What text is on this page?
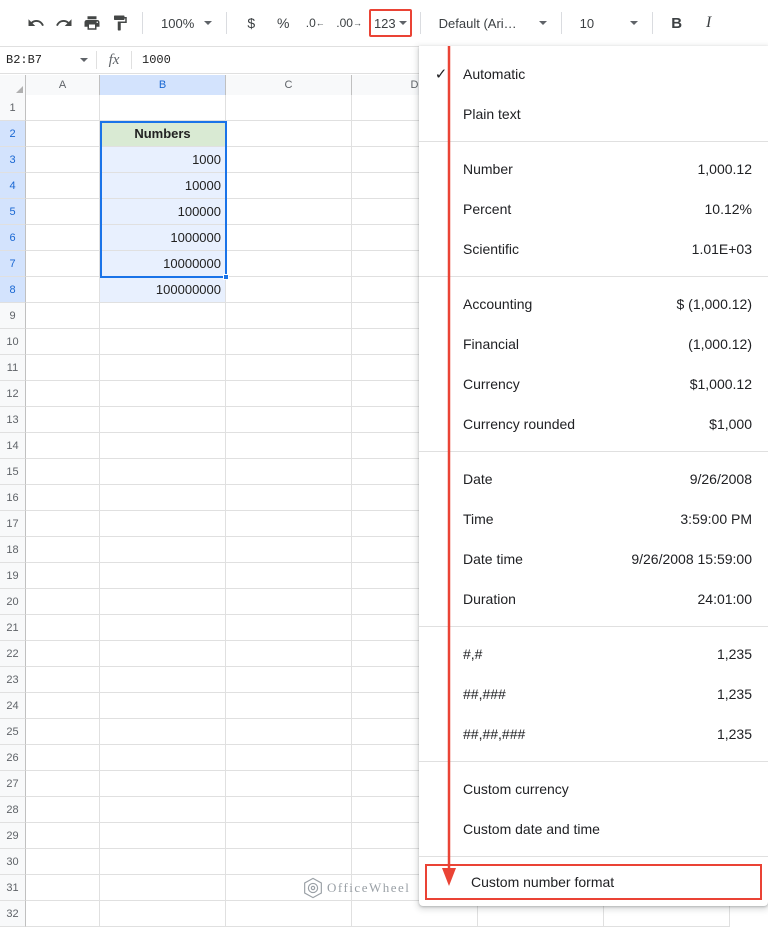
100%	$	%	.0 ← .00 → 123	Default (Ari…	10	B	I
B2:B7	fx	1000
A	B	C	D
1
2	Numbers
3	1000
4	10000
5	100000
6	1000000
7	10000000
8	100000000
9
10
11
12
13
14
15
16
17
18
19
20
21
22
23
24
25
26
27
28
29
30
31
32
OfficeWheel
✓	Automatic
Plain text
Number	1,000.12
Percent	10.12%
Scientific	1.01E+03
Accounting	$ (1,000.12)
Financial	(1,000.12)
Currency	$1,000.12
Currency rounded	$1,000
Date	9/26/2008
Time	3:59:00 PM
Date time	9/26/2008 15:59:00
Duration	24:01:00
#,#	1,235
##,###	1,235
##,##,###	1,235
Custom currency
Custom date and time
Custom number format
